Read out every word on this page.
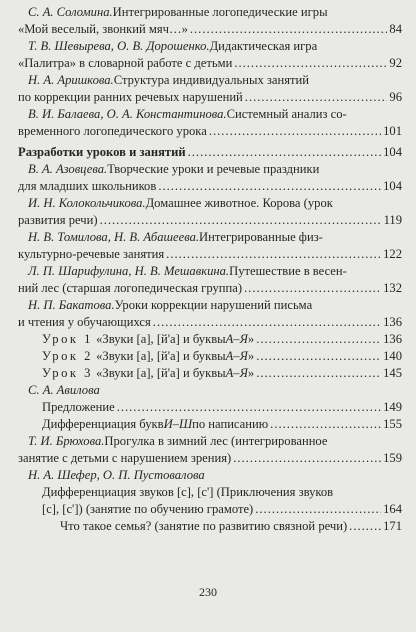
С. А. Соломина. Интегрированные логопедические игры
«Мой веселый, звонкий мяч…» .....	84
Т. В. Шевырева, О. В. Дорошенко. Дидактическая игра
«Палитра» в словарной работе с детьми .....	92
Н. А. Аришкова. Структура индивидуальных занятий
по коррекции ранних речевых нарушений .....	96
В. И. Балаева, О. А. Константинова. Системный анализ со-
временного логопедического урока .....	101
Разработки уроков и занятий .....	104
В. А. Азовцева. Творческие уроки и речевые праздники
для младших школьников .....	104
И. Н. Колокольчикова. Домашнее животное. Корова (урок
развития речи) .....	119
Н. В. Томилова, Н. В. Абашеева. Интегрированные физ-
культурно-речевые занятия .....	122
Л. П. Шарифулина, Н. В. Мешавкина. Путешествие в весен-
ний лес (старшая логопедическая группа) .....	132
Н. П. Бакатова. Уроки коррекции нарушений письма
и чтения у обучающихся .....	136
Урок 1
«Звуки [а], [й'а] и буквы А–Я » .....	136
Урок 2
«Звуки [а], [й'а] и буквы А–Я » .....	140
Урок 3
«Звуки [а], [й'а] и буквы А–Я » .....	145
С. А. Авилова
Предложение .....	149
Дифференциация букв И–Ш по написанию .....	155
Т. И. Брюхова. Прогулка в зимний лес (интегрированное
занятие с детьми с нарушением зрения) .....	159
Н. А. Шефер, О. П. Пустовалова
Дифференциация звуков [с], [с'] (Приключения звуков
[с], [с']) (занятие по обучению грамоте) .....	164
Что такое семья? (занятие по развитию связной речи) .....	171
230
